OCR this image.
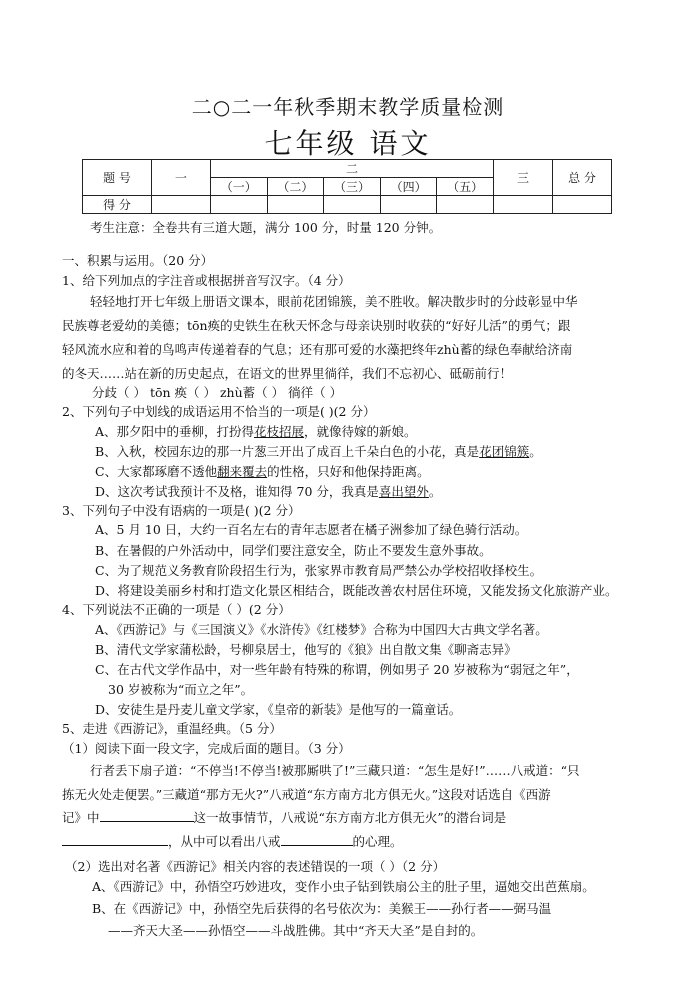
二○二一年秋季期末教学质量检测
七年级 语文
题 号	一	二					三	总 分
		（一）	（二）	（三）	（四）	（五）		
得 分								
考生注意：全卷共有三道大题，满分 100 分，时量 120 分钟。
一、积累与运用。（20 分）
1、给下列加点的字注音或根据拼音写汉字。（4 分）
轻轻地打开七年级上册语文课本，眼前花团锦簇，美不胜收。解决散步时的分歧彰显中华
民族尊老爱幼的美德；tōn痪的史铁生在秋天怀念与母亲诀别时收获的“好好儿活”的勇气；跟
轻风流水应和着的鸟鸣声传递着春的气息；还有那可爱的水藻把终年zhù蓄的绿色奉献给济南
的冬天……站在新的历史起点，在语文的世界里徜徉，我们不忘初心、砥砺前行！
分歧（ ） tōn 痪（ ） zhù蓄（ ） 徜徉（ ）
2、下列句子中划线的成语运用不恰当的一项是( )(2 分）
A、那夕阳中的垂柳，打扮得花枝招展，就像待嫁的新娘。
B、入秋，校园东边的那一片葱三开出了成百上千朵白色的小花，真是花团锦簇。
C、大家都琢磨不透他翻来覆去的性格，只好和他保持距离。
D、这次考试我预计不及格，谁知得 70 分，我真是喜出望外。
3、下列句子中没有语病的一项是( )(2 分）
A、5 月 10 日，大约一百名左右的青年志愿者在橘子洲参加了绿色骑行活动。
B、在暑假的户外活动中，同学们要注意安全，防止不要发生意外事故。
C、为了规范义务教育阶段招生行为，张家界市教育局严禁公办学校招收择校生。
D、将建设美丽乡村和打造文化景区相结合，既能改善农村居住环境，又能发扬文化旅游产业。
4、下列说法不正确的一项是（ ）(2 分）
A、《西游记》与《三国演义》《水浒传》《红楼梦》合称为中国四大古典文学名著。
B、清代文学家蒲松龄，号柳泉居士，他写的《狼》出自散文集《聊斋志异》
C、在古代文学作品中，对一些年龄有特殊的称谓，例如男子 20 岁被称为“弱冠之年”，
30 岁被称为“而立之年”。
D、安徒生是丹麦儿童文学家，《皇帝的新装》是他写的一篇童话。
5、走进《西游记》，重温经典。（5 分）
（1）阅读下面一段文字，完成后面的题目。（3 分）
行者丢下扇子道：“不停当!不停当!被那厮哄了!”三藏只道：“怎生是好!”……八戒道：“只
拣无火处走便罢。”三藏道“那方无火?”八戒道“东方南方北方俱无火。”这段对话选自《西游
记》中	这一故事情节，八戒说“东方南方北方俱无火”的潜台词是
，从中可以看出八戒	的心理。
（2）选出对名著《西游记》相关内容的表述错误的一项（ ）（2 分）
A、《西游记》中，孙悟空巧妙进攻，变作小虫子钻到铁扇公主的肚子里，逼她交出芭蕉扇。
B、在《西游记》中，孙悟空先后获得的名号依次为：美猴王——孙行者——弼马温
——齐天大圣——孙悟空——斗战胜佛。其中“齐天大圣”是自封的。
